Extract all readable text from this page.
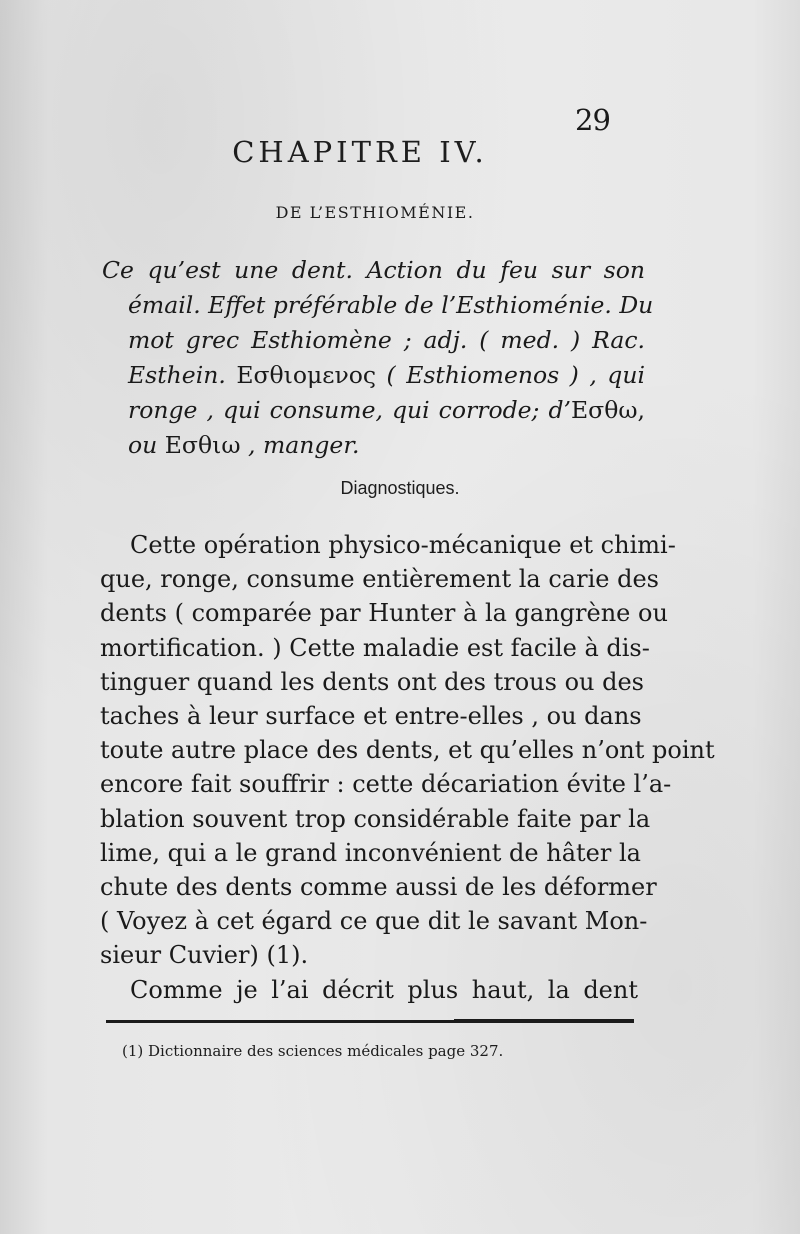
29
CHAPITRE IV.
DE L’ESTHIOMÉNIE.
Ce qu’est une dent. Action du feu sur son
émail. Effet préférable de l’Esthioménie. Du
mot grec Esthiomène ; adj. ( med. ) Rac.
Esthein. Εσθιομενος ( Esthiomenos ) , qui
ronge , qui consume, qui corrode; d’Εσθω,
ou Εσθιω , manger.
Diagnostiques.
Cette opération physico-mécanique et chimi-
que, ronge, consume entièrement la carie des
dents ( comparée par Hunter à la gangrène ou
mortification. ) Cette maladie est facile à dis-
tinguer quand les dents ont des trous ou des
taches à leur surface et entre-elles , ou dans
toute autre place des dents, et qu’elles n’ont point
encore fait souffrir : cette décariation évite l’a-
blation souvent trop considérable faite par la
lime, qui a le grand inconvénient de hâter la
chute des dents comme aussi de les déformer
( Voyez à cet égard ce que dit le savant Mon-
sieur Cuvier) (1).
Comme je l’ai décrit plus haut, la dent
(1) Dictionnaire des sciences médicales page 327.
